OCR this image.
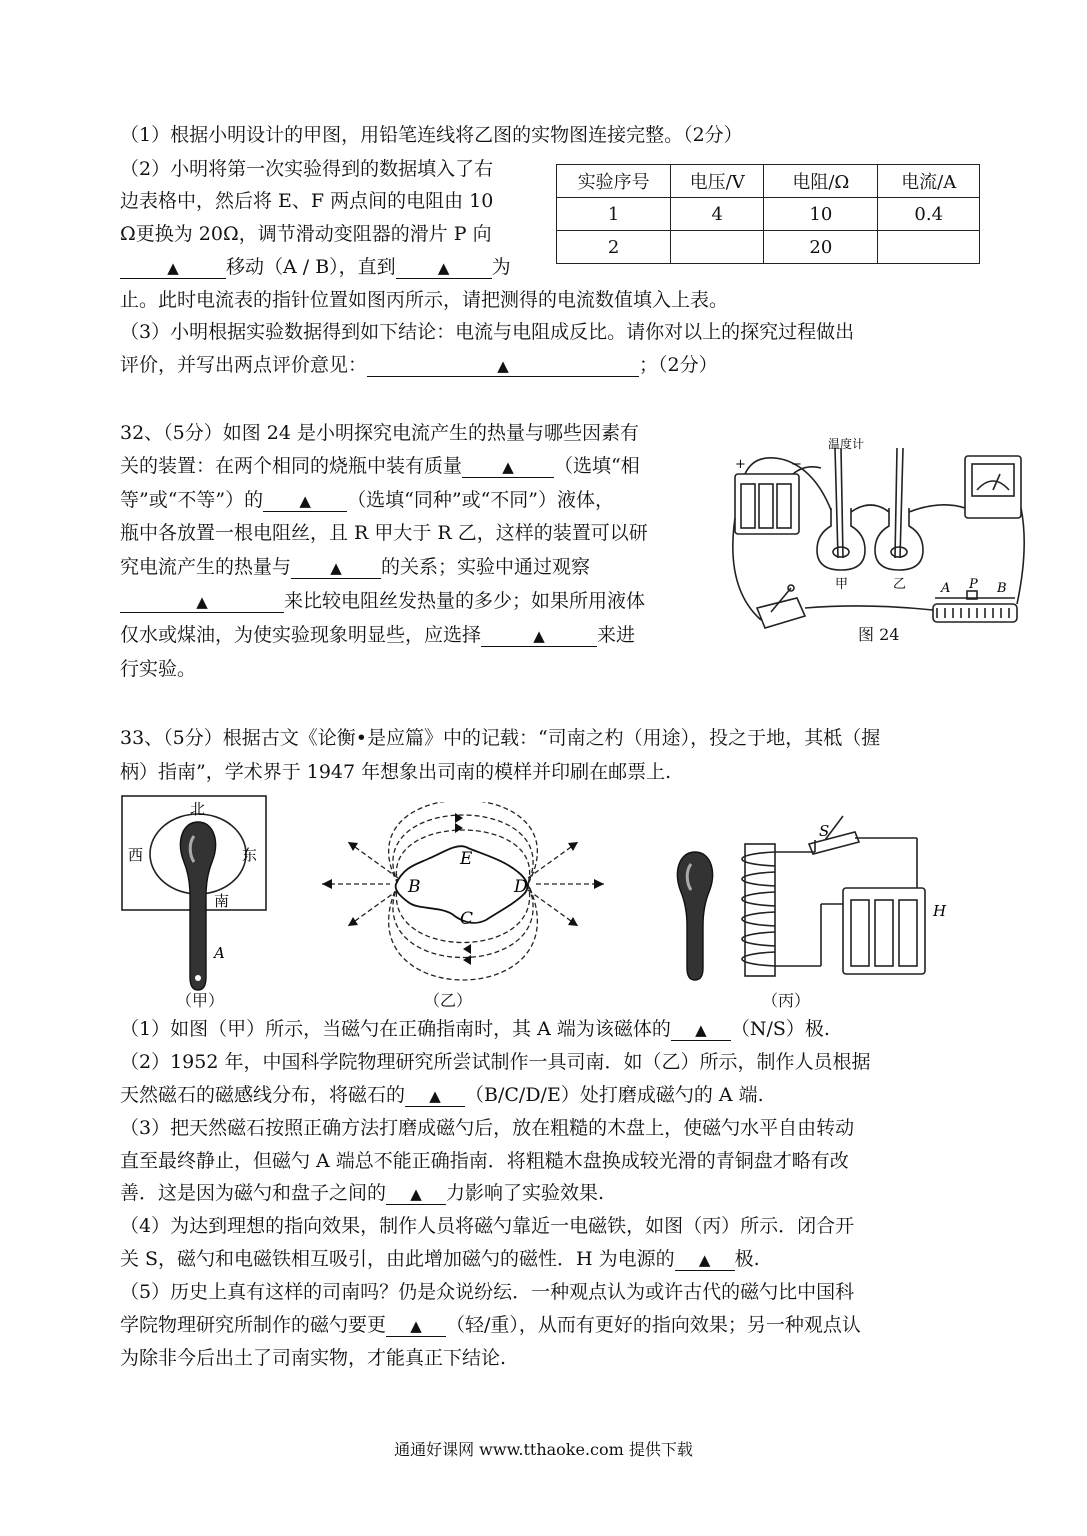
（1）根据小明设计的甲图，用铅笔连线将乙图的实物图连接完整。（2分）
（2）小明将第一次实验得到的数据填入了右
边表格中，然后将 E、F 两点间的电阻由 10
Ω更换为 20Ω，调节滑动变阻器的滑片 P 向
▲ 移动（A / B），直到	▲ 为
止。此时电流表的指针位置如图丙所示，请把测得的电流数值填入上表。
（3）小明根据实验数据得到如下结论：电流与电阻成反比。请你对以上的探究过程做出
评价，并写出两点评价意见：	▲	；（2分）
实验序号	电压/V	电阻/Ω	电流/A
1	4	10	0.4
2		20	
32、（5分）如图 24 是小明探究电流产生的热量与哪些因素有
关的装置：在两个相同的烧瓶中装有质量	▲ （选填“相
等”或“不等”）的 ▲ （选填“同种”或“不同”）液体，
瓶中各放置一根电阻丝，且 R 甲大于 R 乙，这样的装置可以研
究电流产生的热量与	▲ 的关系；实验中通过观察
▲	来比较电阻丝发热量的多少；如果所用液体
仅水或煤油，为使实验现象明显些，应选择	▲	来进
行实验。
温度计
+	−
甲	乙	A P B
图 24
33、（5分）根据古文《论衡•是应篇》中的记载：“司南之杓（用途），投之于地，其柢（握
柄）指南”，学术界于 1947 年想象出司南的模样并印刷在邮票上.
北
西	东
南
A
（甲）
E
B	D
C
（乙）
S
H
（丙）
（1）如图（甲）所示，当磁勺在正确指南时，其 A 端为该磁体的 ▲ （N/S）极.
（2）1952 年，中国科学院物理研究所尝试制作一具司南．如（乙）所示，制作人员根据
天然磁石的磁感线分布，将磁石的 ▲ （B/C/D/E）处打磨成磁勺的 A 端.
（3）把天然磁石按照正确方法打磨成磁勺后，放在粗糙的木盘上，使磁勺水平自由转动
直至最终静止，但磁勺 A 端总不能正确指南．将粗糙木盘换成较光滑的青铜盘才略有改
善．这是因为磁勺和盘子之间的 ▲ 力影响了实验效果.
（4）为达到理想的指向效果，制作人员将磁勺靠近一电磁铁，如图（丙）所示．闭合开
关 S，磁勺和电磁铁相互吸引，由此增加磁勺的磁性．H 为电源的 ▲ 极.
（5）历史上真有这样的司南吗？仍是众说纷纭．一种观点认为或许古代的磁勺比中国科
学院物理研究所制作的磁勺要更 ▲ （轻/重），从而有更好的指向效果；另一种观点认
为除非今后出土了司南实物，才能真正下结论.
通通好课网 www.tthaoke.com 提供下载
